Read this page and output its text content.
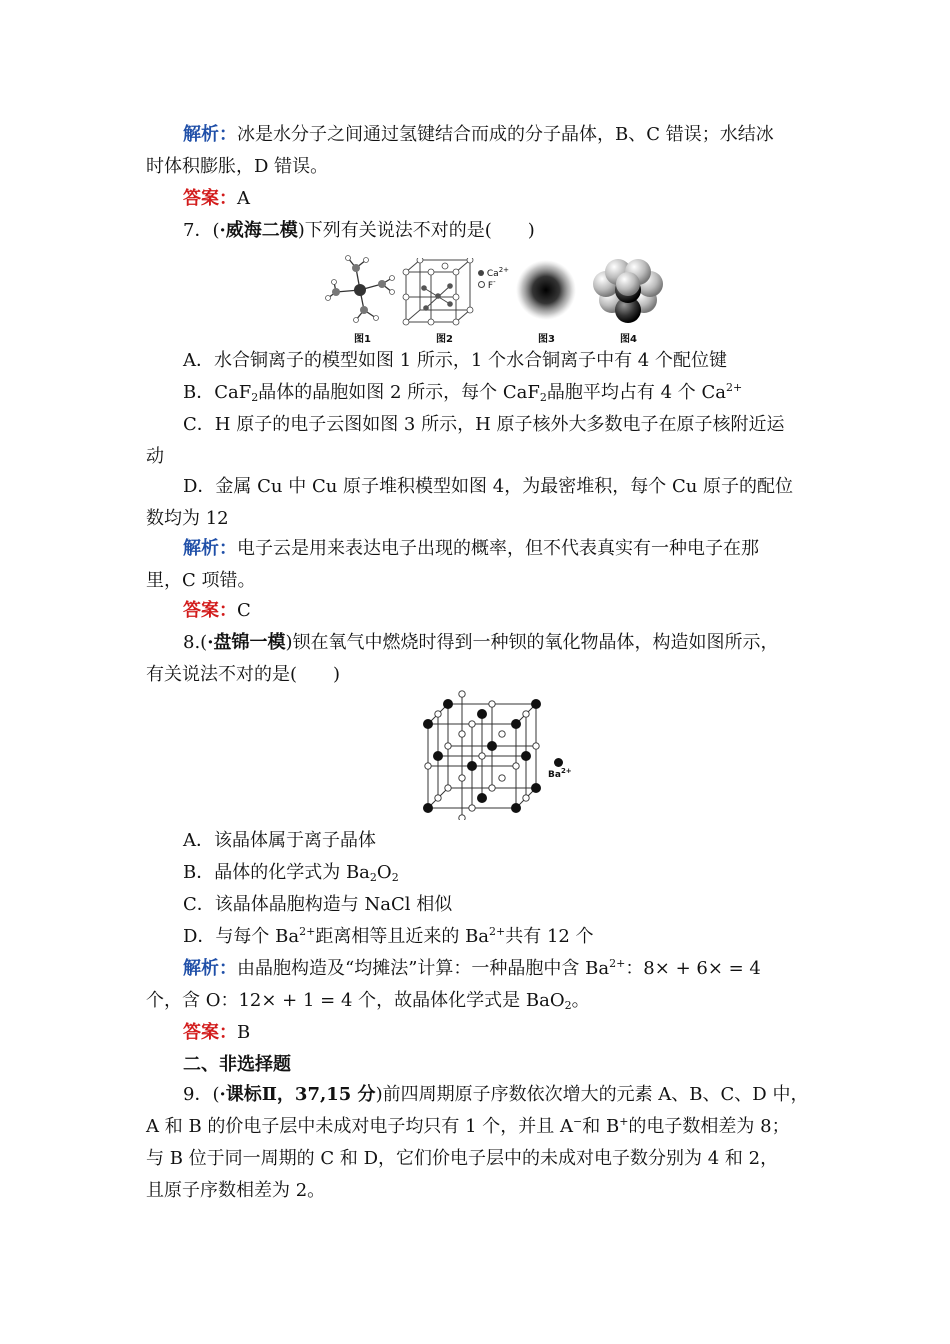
解析：冰是水分子之间通过氢键结合而成的分子晶体，B、C 错误；水结冰
时体积膨胀，D 错误。
答案：A
7．(·威海二模)下列有关说法不对的是(　　)
图1
$Ca^{2+}$
F-
图2	图3	图4
A．水合铜离子的模型如图 1 所示，1 个水合铜离子中有 4 个配位键
B．CaF$_2$晶体的晶胞如图 2 所示，每个 CaF$_2$晶胞平均占有 4 个 $Ca^{2+}$
C．H 原子的电子云图如图 3 所示，H 原子核外大多数电子在原子核附近运
动
D．金属 Cu 中 Cu 原子堆积模型如图 4，为最密堆积，每个 Cu 原子的配位
数均为 12
解析：电子云是用来表达电子出现的概率，但不代表真实有一种电子在那
里，C 项错。
答案：C
8.(·盘锦一模)钡在氧气中燃烧时得到一种钡的氧化物晶体，构造如图所示，
有关说法不对的是(　　)
$Ba^{2+}$
A．该晶体属于离子晶体
B．晶体的化学式为 $Ba_2O_2$
C．该晶体晶胞构造与 NaCl 相似
D．与每个 $Ba^{2+}$距离相等且近来的 $Ba^{2+}$共有 12 个
解析：由晶胞构造及“均摊法”计算：一种晶胞中含 $Ba^{2+}$：8× + 6× = 4
个，含 O：12× + 1 = 4 个，故晶体化学式是 BaO$_2$。
答案：B
二、非选择题
9．(·课标Ⅱ，37,15 分)前四周期原子序数依次增大的元素 A、B、C、D 中，
A 和 B 的价电子层中未成对电子均只有 1 个，并且 A−和 B+的电子数相差为 8；
与 B 位于同一周期的 C 和 D，它们价电子层中的未成对电子数分别为 4 和 2，
且原子序数相差为 2。
